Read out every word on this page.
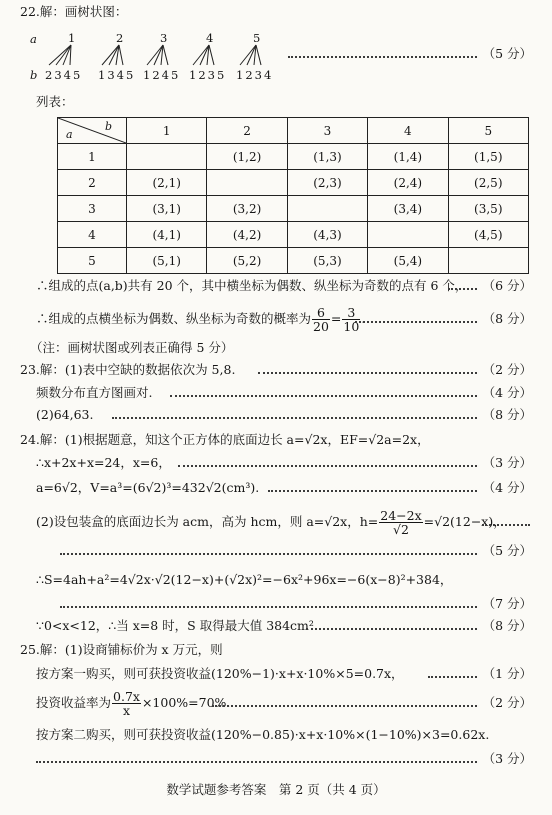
22.解：画树状图：
a
b
1	2	3	4	5
2345 1345 1245 1235 1234
（5 分）
列表：
a
b	1	2	3	4	5
1		(1,2)	(1,3)	(1,4)	(1,5)
2	(2,1)		(2,3)	(2,4)	(2,5)
3	(3,1)	(3,2)		(3,4)	(3,5)
4	(4,1)	(4,2)	(4,3)		(4,5)
5	(5,1)	(5,2)	(5,3)	(5,4)	
∴组成的点(a,b)共有 20 个，其中横坐标为偶数、纵坐标为奇数的点有 6 个， （6 分）
∴组成的点横坐标为偶数、纵坐标为奇数的概率为 $\frac{6}{20} = \frac{3}{10}$ .	（8 分）
（注：画树状图或列表正确得 5 分）
23.解：(1)表中空缺的数据依次为 5,8.	（2 分）
频数分布直方图画对.	（4 分）
(2)64,63.	（8 分）
24.解：(1)根据题意，知这个正方体的底面边长 a=√2x，EF=√2a=2x，
∴x+2x+x=24，x=6，	（3 分）
a=6√2，V=a³=(6√2)³=432√2(cm³).	（4 分）
(2)设包装盒的底面边长为 acm，高为 hcm，则 a=√2x，$h= \frac{24-2x}{√2} =√2(12-x)$，
（5 分）
∴S=4ah+a²=4√2x·√2(12−x)+(√2x)²=−6x²+96x=−6(x−8)²+384，
（7 分）
∵0<x<12，∴当 x=8 时，S 取得最大值 384cm².	（8 分）
25.解：(1)设商铺标价为 x 万元，则
按方案一购买，则可获投资收益(120%−1)·x+x·10%×5=0.7x，	（1 分）
投资收益率为 $\frac{0.7x}{x} \times 100\%=70\%$.	（2 分）
按方案二购买，则可获投资收益(120%−0.85)·x+x·10%×(1−10%)×3=0.62x.
（3 分）
数学试题参考答案　第 2 页（共 4 页）
